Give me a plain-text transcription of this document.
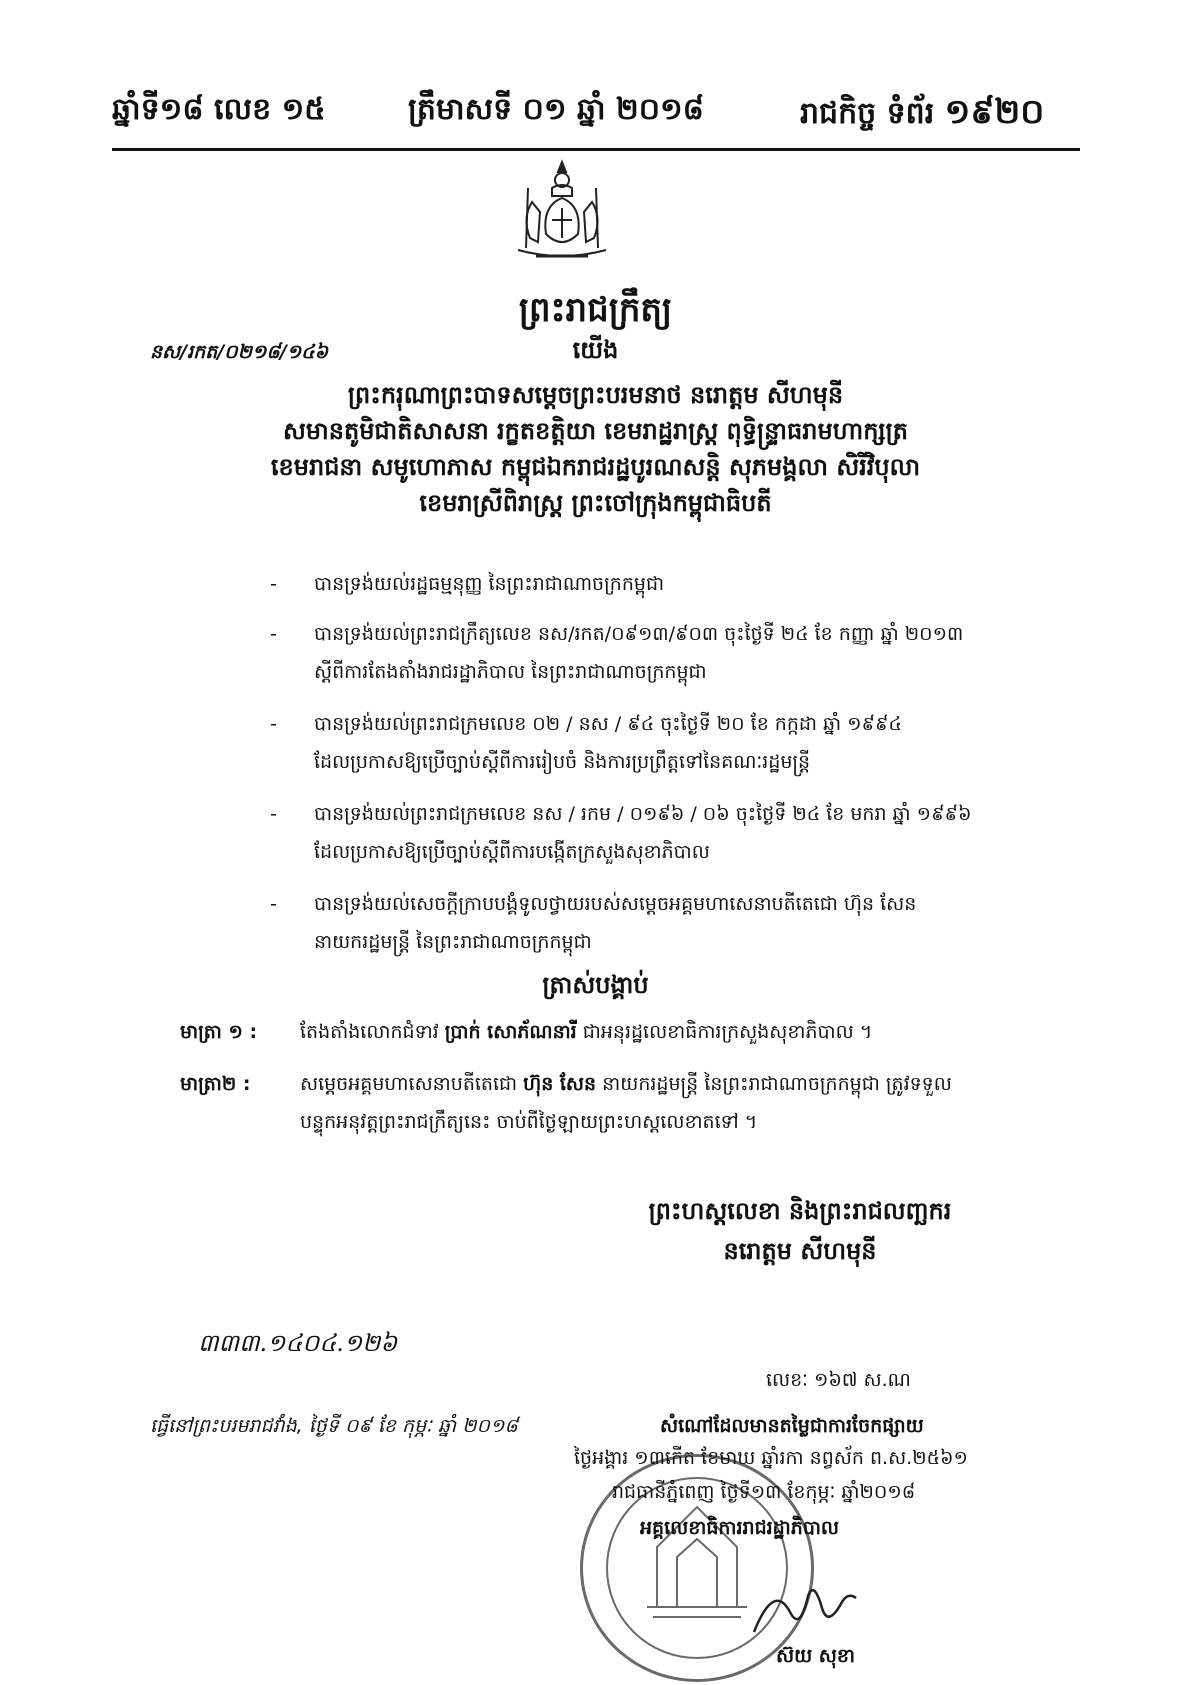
ឆ្នាំទី១៨ លេខ ១៥	ត្រឹមាសទី ០១ ឆ្នាំ ២០១៨	រាជកិច្ច ទំព័រ ១៩២០
ព្រះរាជក្រឹត្យ
នស/រកត/០២១៨/១៤៦	យើង
ព្រះករុណាព្រះបាទសម្តេចព្រះបរមនាថ នរោត្តម សីហមុនី
សមានតូមិជាតិសាសនា រក្ខតខត្តិយា ខេមរាដ្ឋរាស្ត្រ ពុទ្ធិន្ទ្រាធរាមហាក្សត្រ
ខេមរាជនា សមូហោភាស កម្ពុជឯករាជរដ្ឋបូរណសន្តិ សុភមង្គលា សិរីវិបុលា
ខេមរាស្រីពិរាស្ត្រ ព្រះចៅក្រុងកម្ពុជាធិបតី
- បានទ្រង់យល់រដ្ឋធម្មនុញ្ញ នៃព្រះរាជាណាចក្រកម្ពុជា
- បានទ្រង់យល់ព្រះរាជក្រឹត្យលេខ នស/រកត/០៩១៣/៩០៣ ចុះថ្ងៃទី ២៤ ខែ កញ្ញា ឆ្នាំ ២០១៣
ស្តីពីការតែងតាំងរាជរដ្ឋាភិបាល នៃព្រះរាជាណាចក្រកម្ពុជា
- បានទ្រង់យល់ព្រះរាជក្រមលេខ ០២ / នស / ៩៤ ចុះថ្ងៃទី ២០ ខែ កក្កដា ឆ្នាំ ១៩៩៤
ដែលប្រកាសឱ្យប្រើច្បាប់ស្តីពីការរៀបចំ និងការប្រព្រឹត្តទៅនៃគណៈរដ្ឋមន្ត្រី
- បានទ្រង់យល់ព្រះរាជក្រមលេខ នស / រកម / ០១៩៦ / ០៦ ចុះថ្ងៃទី ២៤ ខែ មករា ឆ្នាំ ១៩៩៦
ដែលប្រកាសឱ្យប្រើច្បាប់ស្តីពីការបង្កើតក្រសួងសុខាភិបាល
- បានទ្រង់យល់សេចក្តីក្រាបបង្គំទូលថ្វាយរបស់សម្តេចអគ្គមហាសេនាបតីតេជោ ហ៊ុន សែន
នាយករដ្ឋមន្ត្រី នៃព្រះរាជាណាចក្រកម្ពុជា
ត្រាស់បង្គាប់
មាត្រា ១ : តែងតាំងលោកជំទាវ ប្រាក់ សោភ័ណនារី ជាអនុរដ្ឋលេខាធិការក្រសួងសុខាភិបាល ។
មាត្រា២ :	សម្តេចអគ្គមហាសេនាបតីតេជោ ហ៊ុន សែន នាយករដ្ឋមន្ត្រី នៃព្រះរាជាណាចក្រកម្ពុជា ត្រូវទទួល
បន្ទុកអនុវត្តព្រះរាជក្រឹត្យនេះ ចាប់ពីថ្ងៃឡាយព្រះហស្តលេខាតទៅ ។
ព្រះហស្តលេខា និងព្រះរាជលញ្ឆករ
នរោត្តម សីហមុនី
៣៣៣.១៤០៤.១២៦
លេខៈ ១៦៧ ស.ណ
ធ្វើនៅព្រះបរមរាជវាំង, ថ្ងៃទី ០៩ ខែ កុម្ភៈ ឆ្នាំ ២០១៨	សំណៅដែលមានតម្លៃជាការចែកផ្សាយ
ថ្ងៃអង្គារ ១៣កើត ខែមាឃ ឆ្នាំរកា នព្វស័ក ព.ស.២៥៦១
រាជធានីភ្នំពេញ ថ្ងៃទី១៣ ខែកុម្ភៈ ឆ្នាំ២០១៨
អគ្គលេខាធិការរាជរដ្ឋាភិបាល
ស៊យ សុខា
